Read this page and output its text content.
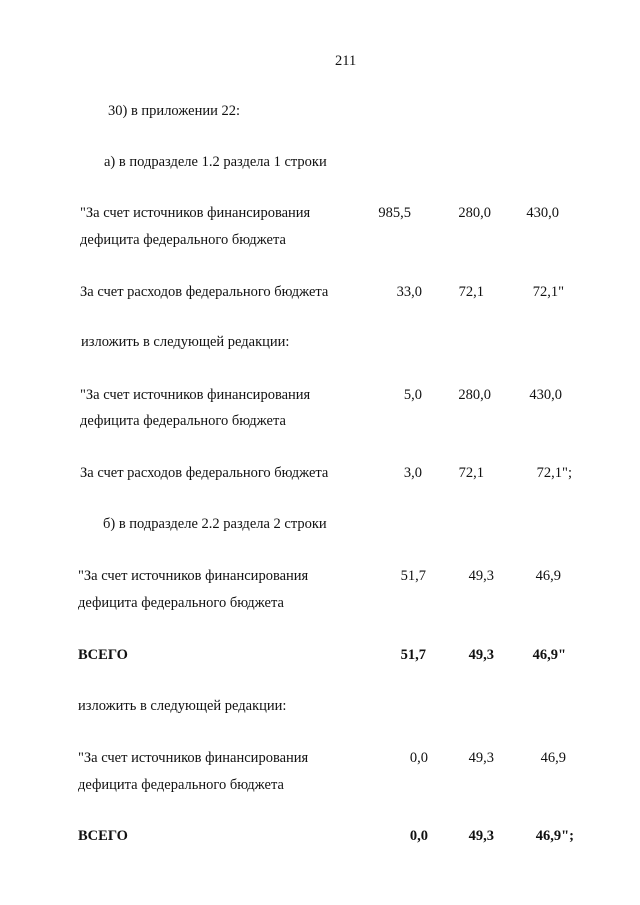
211
30) в приложении 22:
а) в подразделе 1.2 раздела 1 строки
"За счет источников финансирования
дефицита федерального бюджета
985,5	280,0 430,0
За счет расходов федерального бюджета	33,0	72,1	72,1"
изложить в следующей редакции:
"За счет источников финансирования
дефицита федерального бюджета
5,0	280,0	430,0
За счет расходов федерального бюджета	3,0	72,1	72,1";
б) в подразделе 2.2 раздела 2 строки
"За счет источников финансирования
дефицита федерального бюджета
51,7	49,3	46,9
ВСЕГО	51,7	49,3	46,9"
изложить в следующей редакции:
"За счет источников финансирования
дефицита федерального бюджета
0,0	49,3	46,9
ВСЕГО	0,0	49,3	46,9";
